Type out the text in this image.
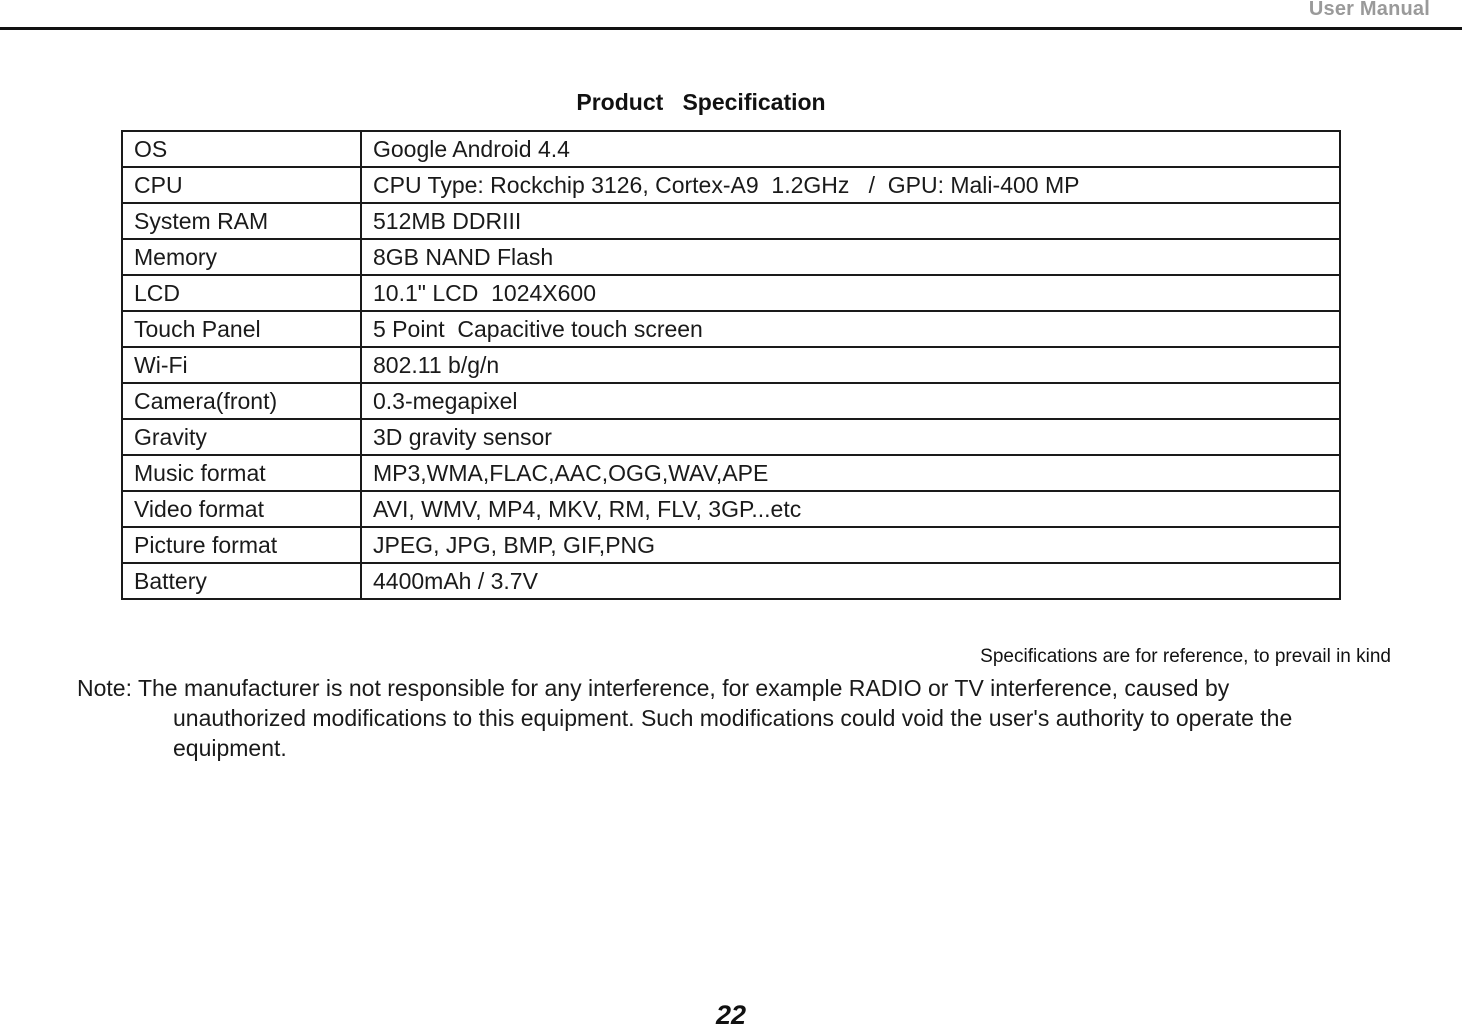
User Manual
Product   Specification
OS	Google Android 4.4
CPU	CPU Type: Rockchip 3126, Cortex-A9  1.2GHz   /  GPU: Mali-400 MP
System RAM	512MB DDRIII
Memory	8GB NAND Flash
LCD	10.1" LCD  1024X600
Touch Panel	5 Point  Capacitive touch screen
Wi-Fi	802.11 b/g/n
Camera(front)	0.3-megapixel
Gravity	3D gravity sensor
Music format	MP3,WMA,FLAC,AAC,OGG,WAV,APE
Video format	AVI, WMV, MP4, MKV, RM, FLV, 3GP...etc
Picture format	JPEG, JPG, BMP, GIF,PNG
Battery	4400mAh / 3.7V
Specifications are for reference, to prevail in kind
Note: The manufacturer is not responsible for any interference, for example RADIO or TV interference, caused by
unauthorized modifications to this equipment. Such modifications could void the user's authority to operate the
equipment.
22
